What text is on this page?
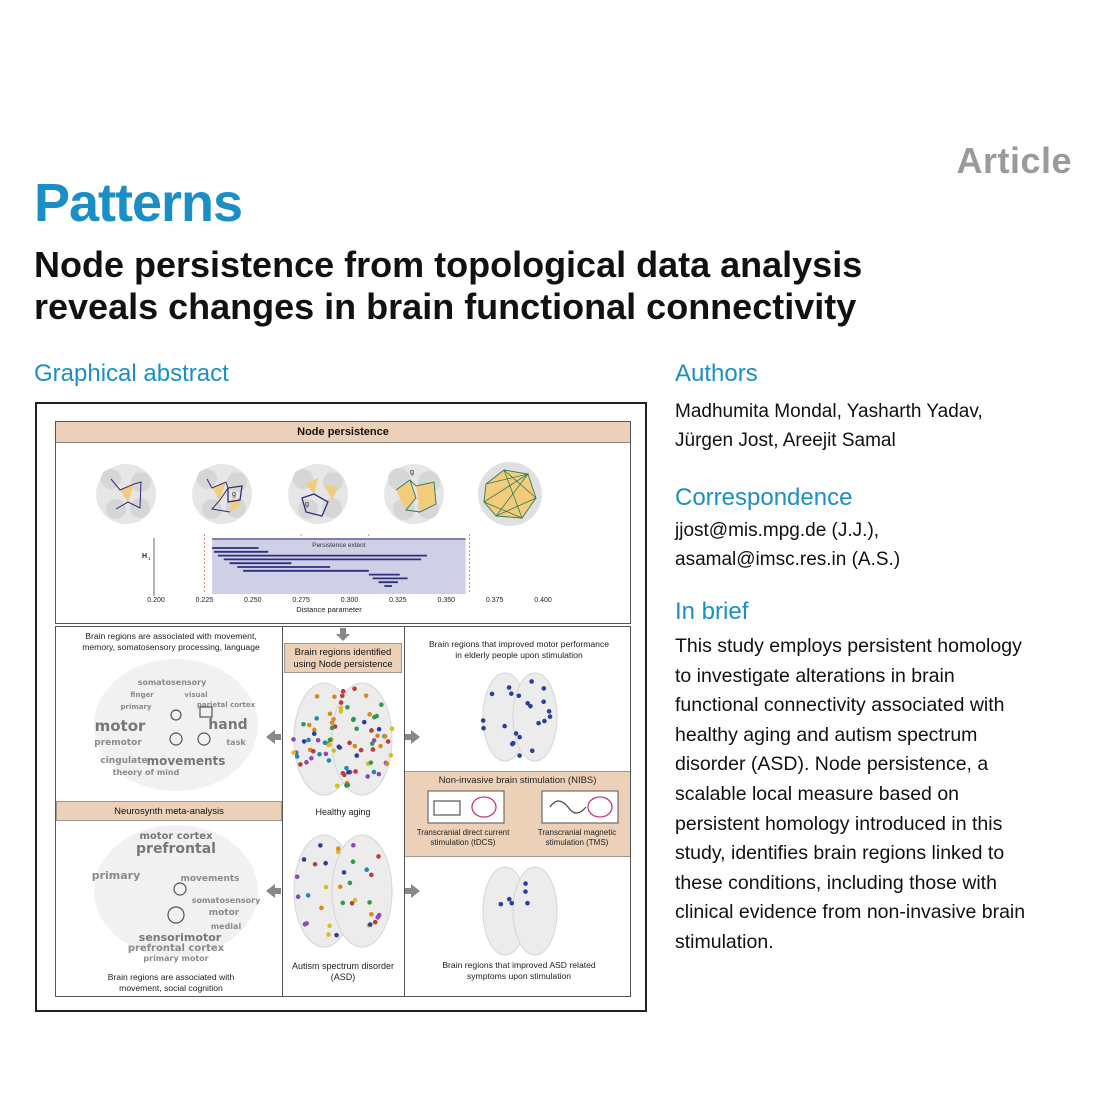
Article
Patterns
Node persistence from topological data analysis
reveals changes in brain functional connectivity
Graphical abstract	Authors
Madhumita Mondal, Yasharth Yadav,
Jürgen Jost, Areejit Samal
Correspondence
jjost@mis.mpg.de (J.J.),
asamal@imsc.res.in (A.S.)
In brief
This study employs persistent homology
to investigate alterations in brain
functional connectivity associated with
healthy aging and autism spectrum
disorder (ASD). Node persistence, a
scalable local measure based on
persistent homology introduced in this
study, identifies brain regions linked to
these conditions, including those with
clinical evidence from non-invasive brain
stimulation.
Node persistence
g
g
g
Persistence extent
H 1
0.200	0.225	0.250	0.275	0.300	0.325	0.350	0.375	0.400
Distance parameter
Brain regions are associated with movement,
memory, somatosensory processing, language
somatosensory
finger
primary
hand
motor
premotor
movements
cingulate
theory of mind
task
parietal cortex
visual
Neurosynth meta-analysis
motor cortex
prefrontal
primary	movements
motor
somatosensory
medial
sensorimotor
prefrontal cortex
primary motor
Brain regions are associated with
movement, social cognition
Brain regions identified
using Node persistence
Healthy aging
Autism spectrum disorder
(ASD)
Brain regions that improved motor performance
in elderly people upon stimulation
Non-invasive brain stimulation (NIBS)
Transcranial direct current
stimulation (tDCS)
Transcranial magnetic
stimulation (TMS)
Brain regions that improved ASD related
symptoms upon stimulation
